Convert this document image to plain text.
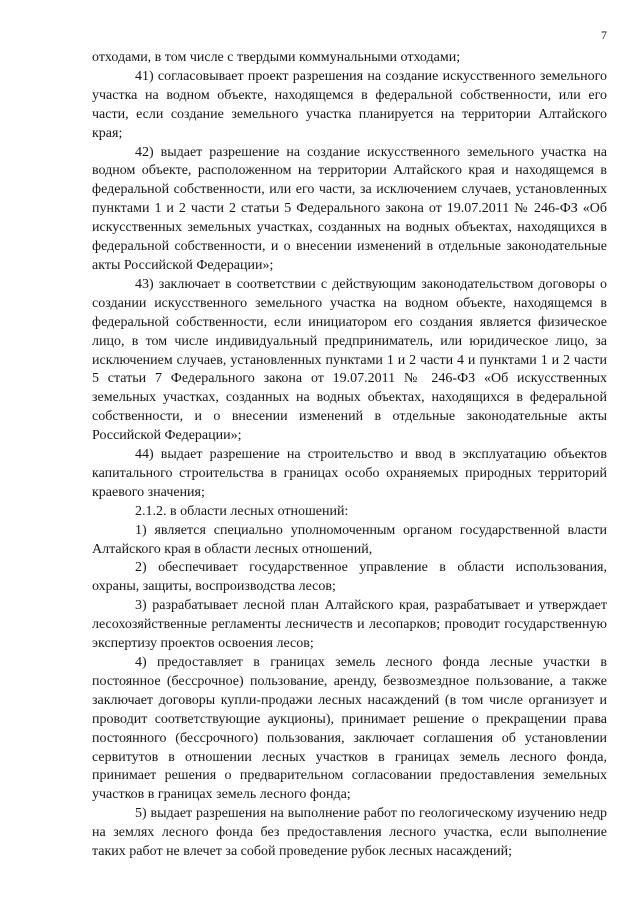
7

отходами, в том числе с твердыми коммунальными отходами;

41) согласовывает проект разрешения на создание искусственного земельного участка на водном объекте, находящемся в федеральной собственности, или его части, если создание земельного участка планируется на территории Алтайского края;

42) выдает разрешение на создание искусственного земельного участка на водном объекте, расположенном на территории Алтайского края и находящемся в федеральной собственности, или его части, за исключением случаев, установленных пунктами 1 и 2 части 2 статьи 5 Федерального закона от 19.07.2011 № 246-ФЗ «Об искусственных земельных участках, созданных на водных объектах, находящихся в федеральной собственности, и о внесении изменений в отдельные законодательные акты Российской Федерации»;

43) заключает в соответствии с действующим законодательством договоры о создании искусственного земельного участка на водном объекте, находящемся в федеральной собственности, если инициатором его создания является физическое лицо, в том числе индивидуальный предприниматель, или юридическое лицо, за исключением случаев, установленных пунктами 1 и 2 части 4 и пунктами 1 и 2 части 5 статьи 7 Федерального закона от 19.07.2011 № 246-ФЗ «Об искусственных земельных участках, созданных на водных объектах, находящихся в федеральной собственности, и о внесении изменений в отдельные законодательные акты Российской Федерации»;

44) выдает разрешение на строительство и ввод в эксплуатацию объектов капитального строительства в границах особо охраняемых природных территорий краевого значения;

2.1.2. в области лесных отношений:

1) является специально уполномоченным органом государственной власти Алтайского края в области лесных отношений,

2) обеспечивает государственное управление в области использования, охраны, защиты, воспроизводства лесов;

3) разрабатывает лесной план Алтайского края, разрабатывает и утверждает лесохозяйственные регламенты лесничеств и лесопарков; проводит государственную экспертизу проектов освоения лесов;

4) предоставляет в границах земель лесного фонда лесные участки в постоянное (бессрочное) пользование, аренду, безвозмездное пользование, а также заключает договоры купли-продажи лесных насаждений (в том числе организует и проводит соответствующие аукционы), принимает решение о прекращении права постоянного (бессрочного) пользования, заключает соглашения об установлении сервитутов в отношении лесных участков в границах земель лесного фонда, принимает решения о предварительном согласовании предоставления земельных участков в границах земель лесного фонда;

5) выдает разрешения на выполнение работ по геологическому изучению недр на землях лесного фонда без предоставления лесного участка, если выполнение таких работ не влечет за собой проведение рубок лесных насаждений;
